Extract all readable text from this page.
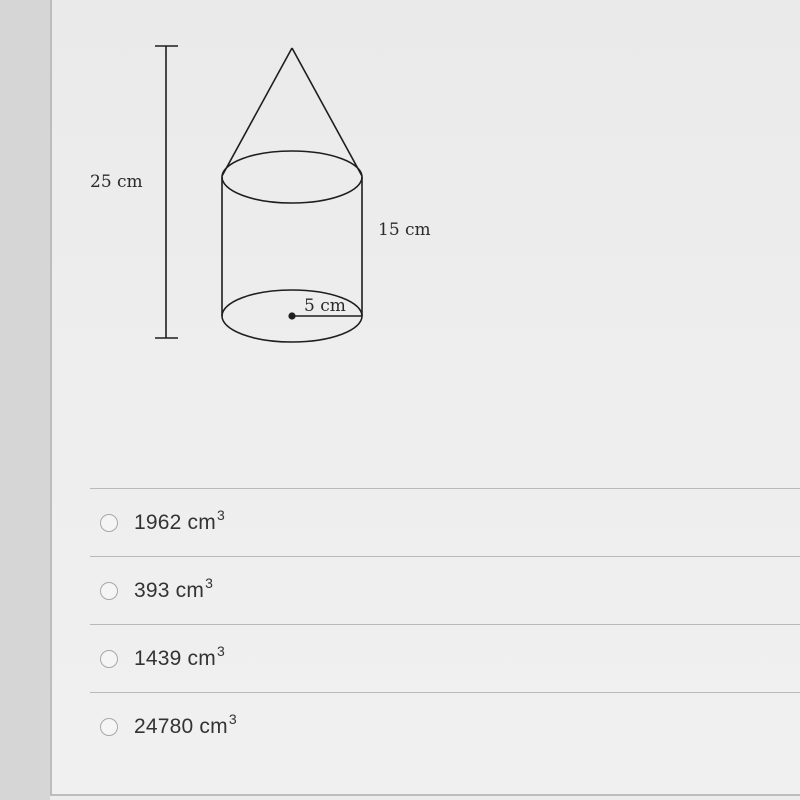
25 cm
15 cm
5 cm
1962 $cm^3$
393 $cm^3$
1439 $cm^3$
24780 $cm^3$
